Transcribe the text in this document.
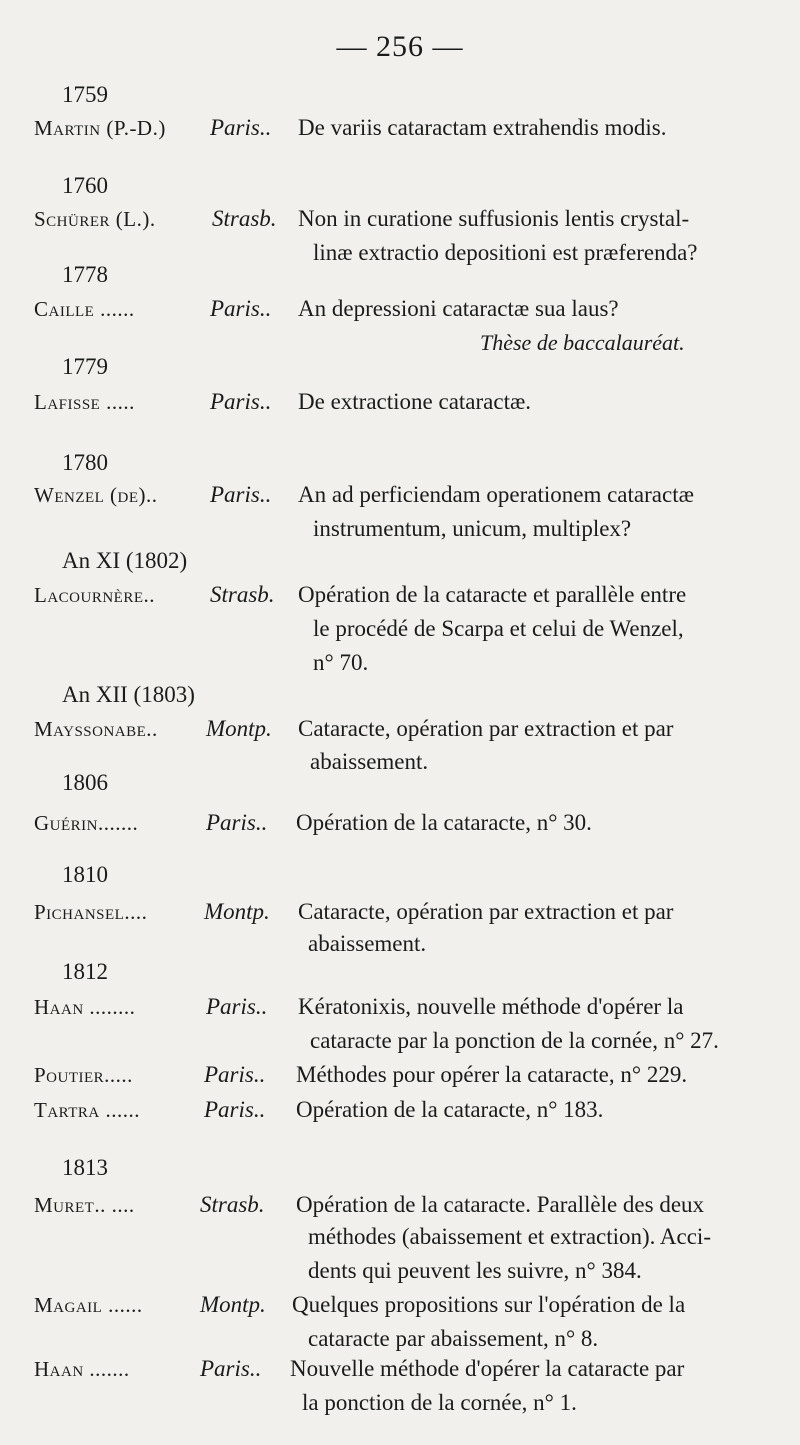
— 256 —
1759
Martin (P.-D.) Paris.. De variis cataractam extrahendis modis.
1760
Schürer (L.). Strasb. Non in curatione suffusionis lentis crystal-
linæ extractio depositioni est præferenda?
1778
Caille ......	Paris.. An depressioni cataractæ sua laus?
Thèse de baccalauréat.
1779
Lafisse .....	Paris.. De extractione cataractæ.
1780
Wenzel (de).. Paris.. An ad perficiendam operationem cataractæ
instrumentum, unicum, multiplex?
An XI (1802)
Lacournère.. Strasb. Opération de la cataracte et parallèle entre
le procédé de Scarpa et celui de Wenzel,
n° 70.
An XII (1803)
Mayssonabe.. Montp. Cataracte, opération par extraction et par
abaissement.
1806
Guérin.......	Paris.. Opération de la cataracte, n° 30.
1810
Pichansel.... Montp. Cataracte, opération par extraction et par
abaissement.
1812
Haan ........	Paris.. Kératonixis, nouvelle méthode d'opérer la
cataracte par la ponction de la cornée, n° 27.
Poutier.....	Paris.. Méthodes pour opérer la cataracte, n° 229.
Tartra ......	Paris.. Opération de la cataracte, n° 183.
1813
Muret.. ....	Strasb. Opération de la cataracte. Parallèle des deux
méthodes (abaissement et extraction). Acci-
dents qui peuvent les suivre, n° 384.
Magail ...... Montp. Quelques propositions sur l'opération de la
cataracte par abaissement, n° 8.
Haan .......	Paris.. Nouvelle méthode d'opérer la cataracte par
la ponction de la cornée, n° 1.
